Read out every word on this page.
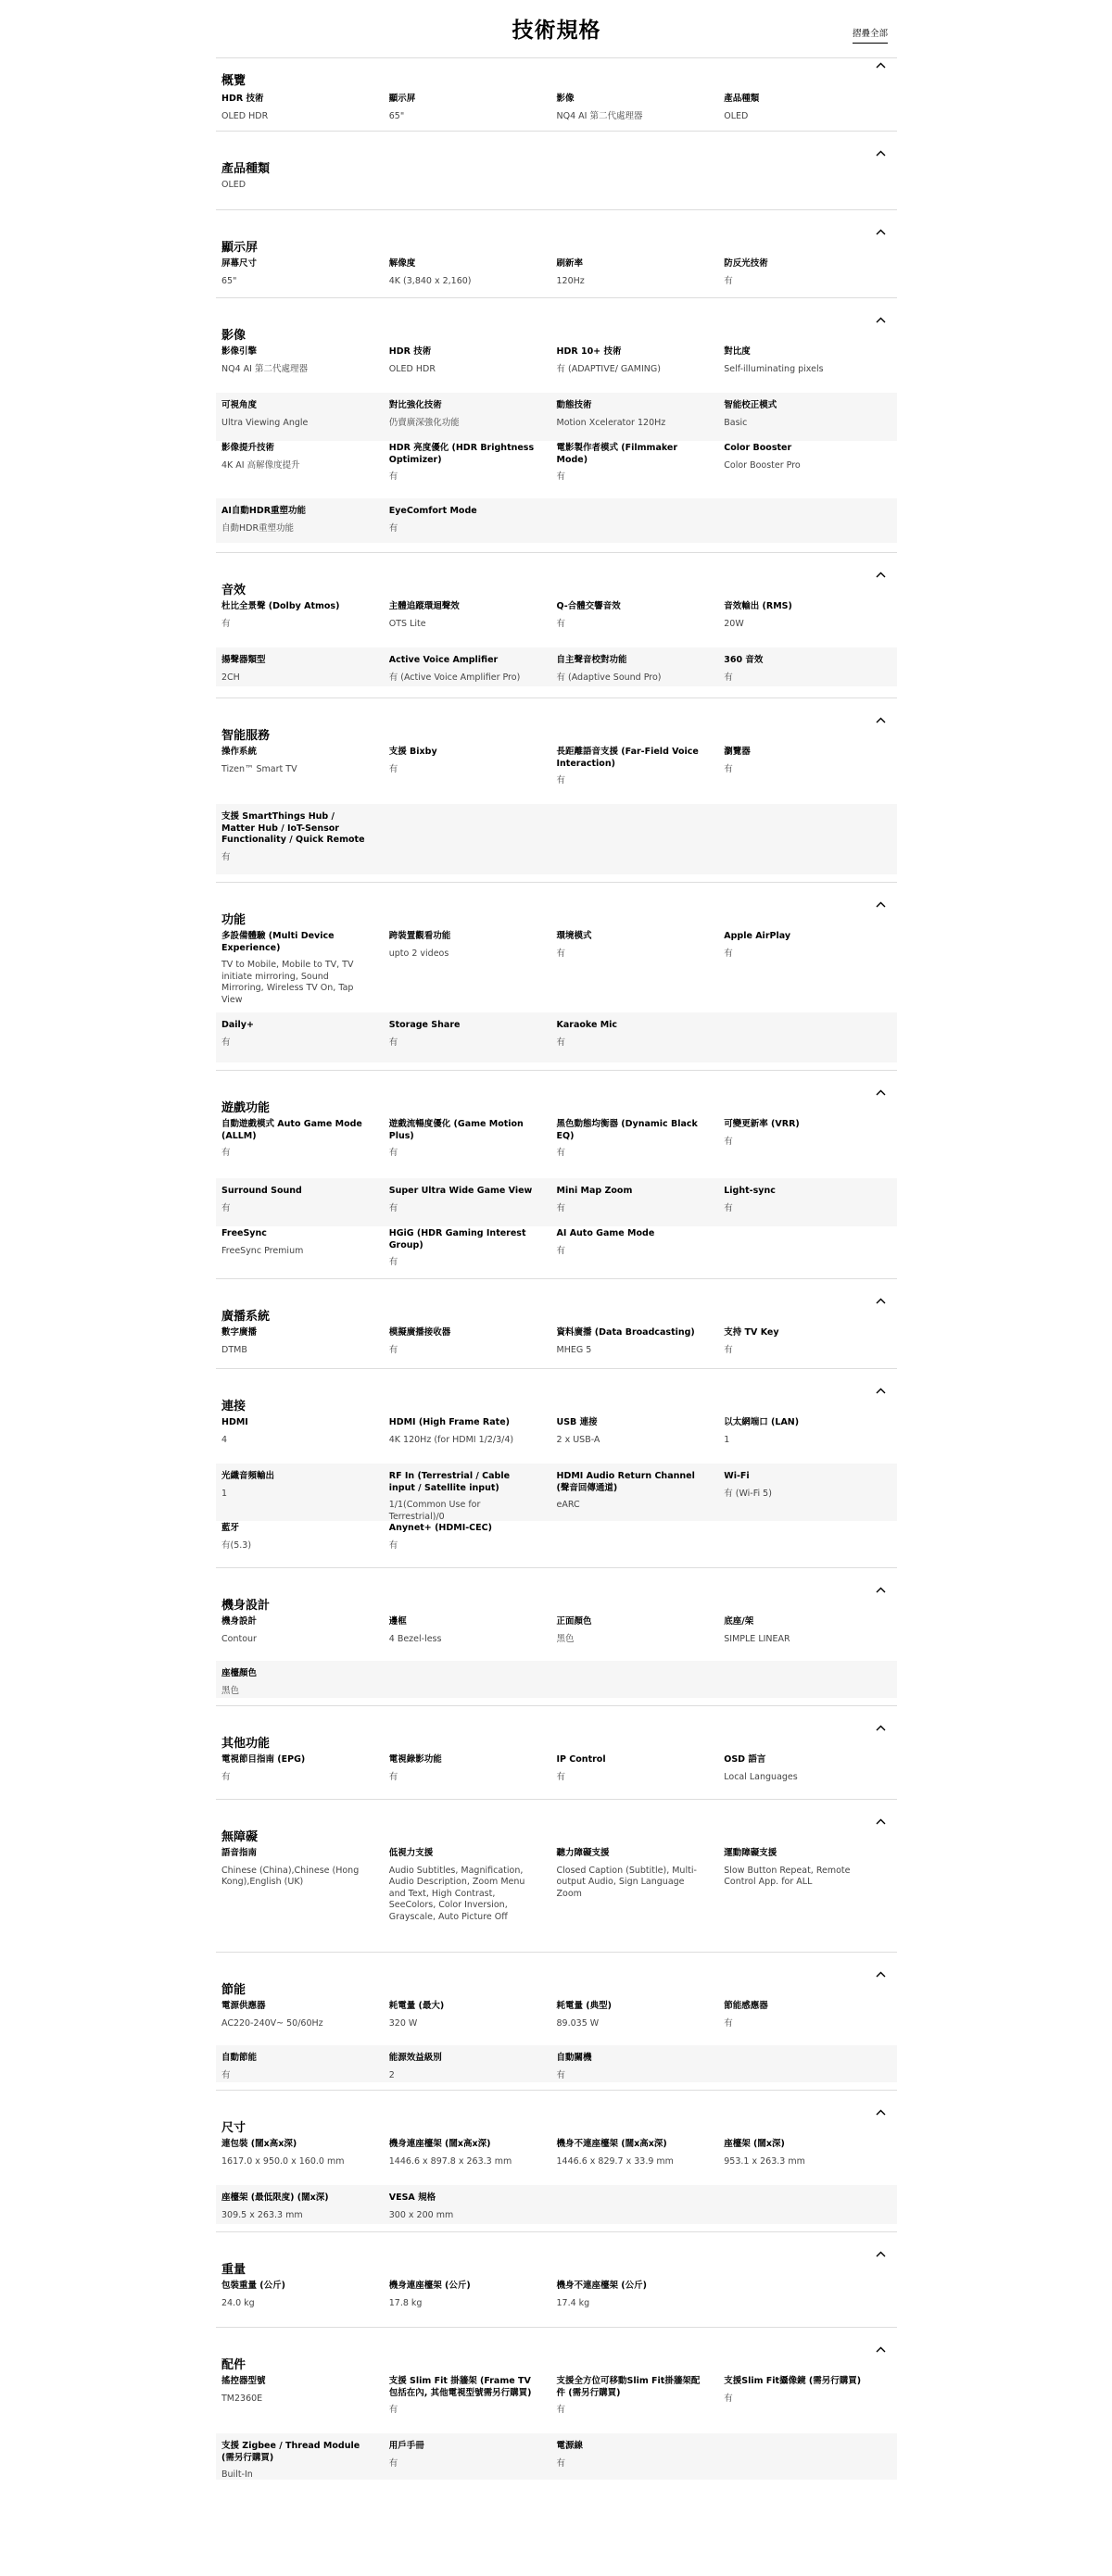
技術規格	摺疊全部
概覽
HDR 技術
OLED HDR
顯示屏
65"
影像
NQ4 AI 第二代處理器
產品種類
OLED
產品種類
OLED
顯示屏
屏幕尺寸
65"
解像度
4K (3,840 x 2,160)
刷新率
120Hz
防反光技術
有
影像
影像引擎
NQ4 AI 第二代處理器
HDR 技術
OLED HDR
HDR 10+ 技術
有 (ADAPTIVE/ GAMING)
對比度
Self-illuminating pixels
可視角度
Ultra Viewing Angle
對比強化技術
仍賣廣深強化功能
動態技術
Motion Xcelerator 120Hz
智能校正模式
Basic
影像提升技術
4K AI 高解像度提升
HDR 亮度優化 (HDR Brightness Optimizer)
有
電影製作者模式 (Filmmaker Mode)
有
Color Booster
Color Booster Pro
AI自動HDR重塑功能
自動HDR重塑功能
EyeComfort Mode
有
音效
杜比全景聲 (Dolby Atmos)
有
主體追蹤環迴聲效
OTS Lite
Q-合體交響音效
有
音效輸出 (RMS)
20W
揚聲器類型
2CH
Active Voice Amplifier
有 (Active Voice Amplifier Pro)
自主聲音校對功能
有 (Adaptive Sound Pro)
360 音效
有
智能服務
操作系統
Tizen™ Smart TV
支援 Bixby
有
長距離語音支援 (Far-Field Voice Interaction)
有
瀏覽器
有
支援 SmartThings Hub / Matter Hub / IoT-Sensor Functionality / Quick Remote
有
功能
多設備體驗 (Multi Device Experience)
TV to Mobile, Mobile to TV, TV initiate mirroring, Sound Mirroring, Wireless TV On, Tap View
跨裝置觀看功能
upto 2 videos
環境模式
有
Apple AirPlay
有
Daily+
有
Storage Share
有
Karaoke Mic
有
遊戲功能
自動遊戲模式 Auto Game Mode (ALLM)
有
遊戲流暢度優化 (Game Motion Plus)
有
黑色動態均衡器 (Dynamic Black EQ)
有
可變更新率 (VRR)
有
Surround Sound
有
Super Ultra Wide Game View
有
Mini Map Zoom
有
Light-sync
有
FreeSync
FreeSync Premium
HGiG (HDR Gaming Interest Group)
有
AI Auto Game Mode
有
廣播系統
數字廣播
DTMB
模擬廣播接收器
有
資料廣播 (Data Broadcasting)
MHEG 5
支持 TV Key
有
連接
HDMI
4
HDMI (High Frame Rate)
4K 120Hz (for HDMI 1/2/3/4)
USB 連接
2 x USB-A
以太網端口 (LAN)
1
光纖音頻輸出
1
RF In (Terrestrial / Cable input / Satellite input)
1/1(Common Use for Terrestrial)/0
HDMI Audio Return Channel (聲音回傳通道)
eARC
Wi-Fi
有 (Wi-Fi 5)
藍牙
有(5.3)
Anynet+ (HDMI-CEC)
有
機身設計
機身設計
Contour
邊框
4 Bezel-less
正面顏色
黑色
底座/架
SIMPLE LINEAR
座檯顏色
黑色
其他功能
電視節目指南 (EPG)
有
電視錄影功能
有
IP Control
有
OSD 語言
Local Languages
無障礙
語音指南
Chinese (China),Chinese (Hong Kong),English (UK)
低視力支援
Audio Subtitles, Magnification, Audio Description, Zoom Menu and Text, High Contrast, SeeColors, Color Inversion, Grayscale, Auto Picture Off
聽力障礙支援
Closed Caption (Subtitle), Multi-output Audio, Sign Language Zoom
運動障礙支援
Slow Button Repeat, Remote Control App. for ALL
節能
電源供應器
AC220-240V~ 50/60Hz
耗電量 (最大)
320 W
耗電量 (典型)
89.035 W
節能感應器
有
自動節能
有
能源效益級別
2
自動關機
有
尺寸
連包裝 (闊x高x深)
1617.0 x 950.0 x 160.0 mm
機身連座檯架 (闊x高x深)
1446.6 x 897.8 x 263.3 mm
機身不連座檯架 (闊x高x深)
1446.6 x 829.7 x 33.9 mm
座檯架 (闊x深)
953.1 x 263.3 mm
座檯架 (最低限度) (闊x深)
309.5 x 263.3 mm
VESA 規格
300 x 200 mm
重量
包裝重量 (公斤)
24.0 kg
機身連座檯架 (公斤)
17.8 kg
機身不連座檯架 (公斤)
17.4 kg
配件
搖控器型號
TM2360E
支援 Slim Fit 掛牆架 (Frame TV 包括在內, 其他電視型號需另行購買)
有
支援全方位可移動Slim Fit掛牆架配件 (需另行購買)
有
支援Slim Fit攝像鏡 (需另行購買)
有
支援 Zigbee / Thread Module (需另行購買)
Built-In
用戶手冊
有
電源線
有
